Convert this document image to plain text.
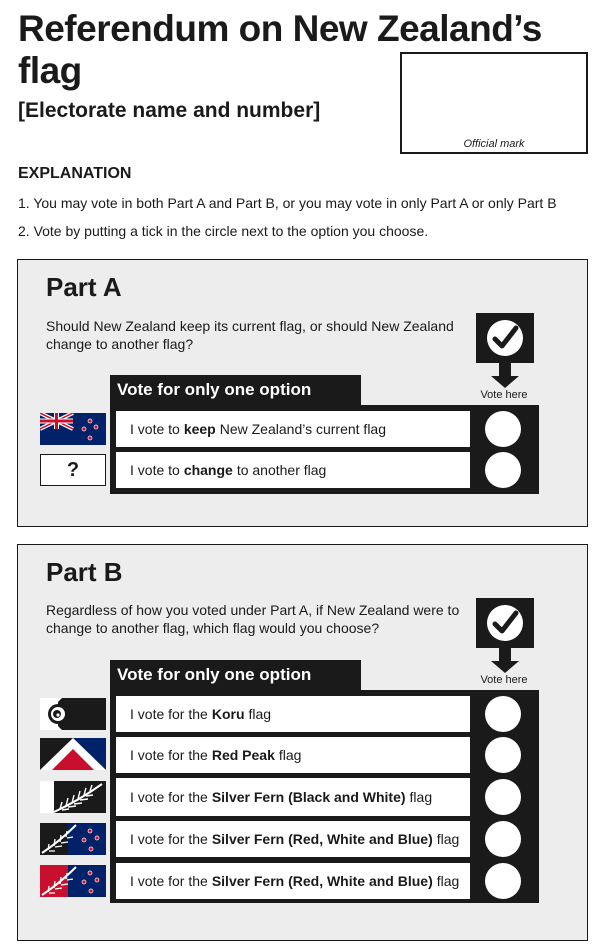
Referendum on New Zealand’s flag
[Electorate name and number]
Official mark
EXPLANATION
1. You may vote in both Part A and Part B, or you may vote in only Part A or only Part B
2. Vote by putting a tick in the circle next to the option you choose.
Part A
Should New Zealand keep its current flag, or should New Zealand change to another flag?
Vote here
Vote for only one option
I vote to keep New Zealand’s current flag
I vote to change to another flag
?
Part B
Regardless of how you voted under Part A, if New Zealand were to change to another flag, which flag would you choose?
Vote here
Vote for only one option
I vote for the Koru flag
I vote for the Red Peak flag
I vote for the Silver Fern (Black and White) flag
I vote for the Silver Fern (Red, White and Blue) flag
I vote for the Silver Fern (Red, White and Blue) flag
